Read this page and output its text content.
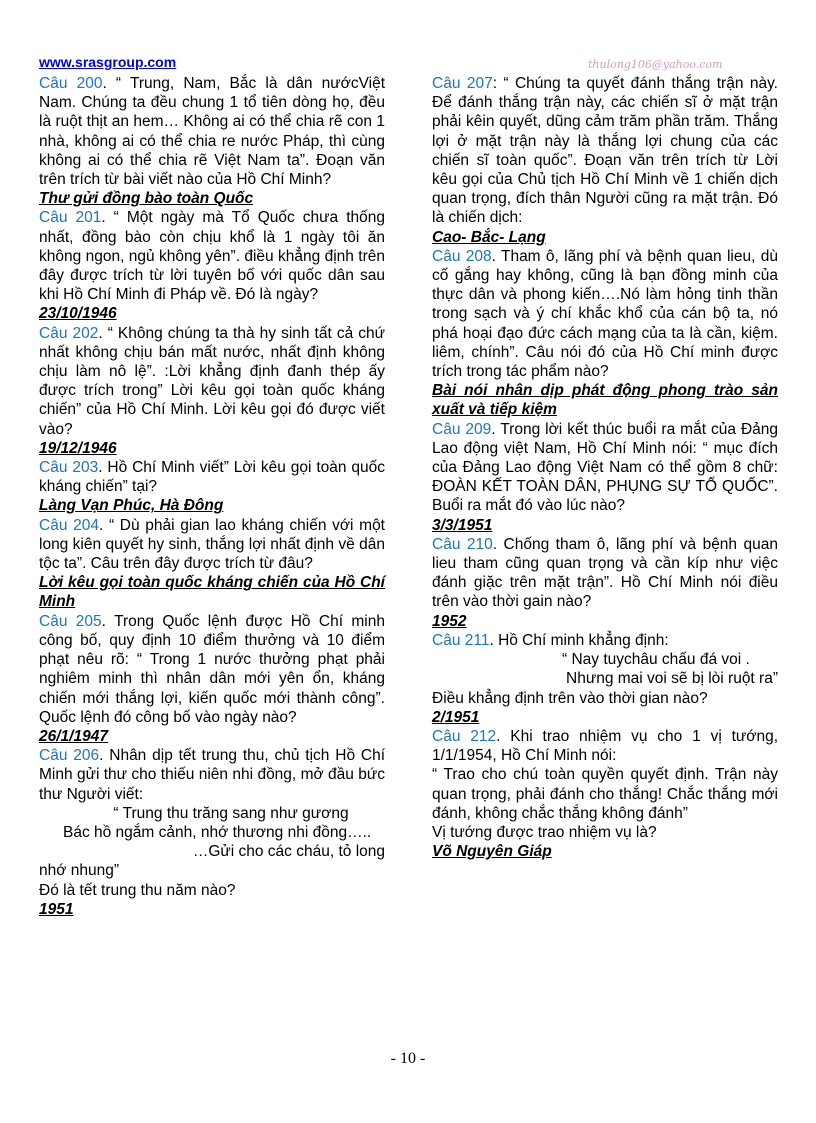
www.srasgroup.com	thulong106@yahoo.com

Câu 200. “ Trung, Nam, Bắc là dân nướcViệt Nam. Chúng ta đều chung 1 tổ tiên dòng họ, đều là ruột thịt an hem… Không ai có thể chia rẽ con 1 nhà, không ai có thể chia re nước Pháp, thì cùng không ai có thể chia rẽ Việt Nam ta”. Đoạn văn trên trích từ bài viết nào của Hồ Chí Minh?

Thư gửi đồng bào toàn Quốc

Câu 201. “ Một ngày mà Tổ Quốc chưa thống nhất, đồng bào còn chịu khổ là 1 ngày tôi ăn không ngon, ngủ không yên”. điều khẳng định trên đây được trích từ lời tuyên bố với quốc dân sau khi Hồ Chí Minh đi Pháp về. Đó là ngày?

23/10/1946

Câu 202. “ Không chúng ta thà hy sinh tất cả chứ nhất không chịu bán mất nước, nhất định không chịu làm nô lệ”. :Lời khẳng định đanh thép ấy được trích trong” Lời kêu gọi toàn quốc kháng chiến” của Hồ Chí Minh. Lời kêu gọi đó được viết vào?

19/12/1946

Câu 203. Hồ Chí Minh viết” Lời kêu gọi toàn quốc kháng chiến” tại?

Làng Vạn Phúc, Hà Đông

Câu 204. “ Dù phải gian lao kháng chiến với một long kiên quyết hy sinh, thắng lợi nhất định về dân tộc ta”. Câu trên đây được trích từ đâu?

Lời kêu gọi toàn quốc kháng chiến của Hồ Chí Minh

Câu 205. Trong Quốc lệnh được Hồ Chí minh công bố, quy định 10 điểm thưởng và 10 điểm phạt nêu rõ: “ Trong 1 nước thưởng phạt phải nghiêm minh thì nhân dân mới yên ổn, kháng chiến mới thắng lợi, kiến quốc mới thành công”. Quốc lệnh đó công bố vào ngày nào?

26/1/1947

Câu 206. Nhân dịp tết trung thu, chủ tịch Hồ Chí Minh gửi thư cho thiếu niên nhi đồng, mở đầu bức thư Người viết:

“ Trung thu trăng sang như gương

Bác hồ ngắm cảnh, nhớ thương nhi đồng…..

…Gửi cho các cháu, tỏ long

nhớ nhung”

Đó là tết trung thu năm nào?

1951

Câu 207: “ Chúng ta quyết đánh thắng trận này. Để đánh thắng trận này, các chiến sĩ ở mặt trận phải kêin quyết, dũng cảm trăm phần trăm. Thắng lợi ở mặt trận này là thắng lợi chung của các chiến sĩ toàn quốc”. Đoạn văn trên trích từ Lời kêu gọi của Chủ tịch Hồ Chí Minh về 1 chiến dịch quan trọng, đích thân Người cũng ra mặt trận. Đó là chiến dịch:

Cao- Bắc- Lạng

Câu 208. Tham ô, lãng phí và bệnh quan lieu, dù cố gắng hay không, cũng là bạn đồng minh của thực dân và phong kiến….Nó làm hỏng tinh thần trong sạch và ý chí khắc khổ của cán bộ ta, nó phá hoại đạo đức cách mạng của ta là cần, kiệm. liêm, chính”. Câu nói đó của Hồ Chí minh được trích trong tác phẩm nào?

Bài nói nhân dịp phát động phong trào sản xuất và tiếp kiệm

Câu 209. Trong lời kết thúc buổi ra mắt của Đảng Lao động việt Nam, Hồ Chí Minh nói: “ mục đích của Đảng Lao động Việt Nam có thể gồm 8 chữ: ĐOÀN KẾT TOÀN DÂN, PHỤNG SỰ TỔ QUỐC”. Buổi ra mắt đó vào lúc nào?

3/3/1951

Câu 210. Chống tham ô, lãng phí và bệnh quan lieu tham cũng quan trọng và cần kíp như việc đánh giặc trên mặt trận”. Hồ Chí Minh nói điều trên vào thời gain nào?

1952

Câu 211. Hồ Chí minh khẳng định:

“ Nay tuychâu chấu đá voi .

Nhưng mai voi sẽ bị lòi ruột ra”

Điều khẳng định trên vào thời gian nào?

2/1951

Câu 212. Khi trao nhiệm vụ cho 1 vị tướng, 1/1/1954, Hồ Chí Minh nói:

“ Trao cho chú toàn quyền quyết định. Trận này quan trọng, phải đánh cho thắng! Chắc thắng mới đánh, không chắc thắng không đánh”

Vị tướng được trao nhiệm vụ là?

Võ Nguyên Giáp

- 10 -
